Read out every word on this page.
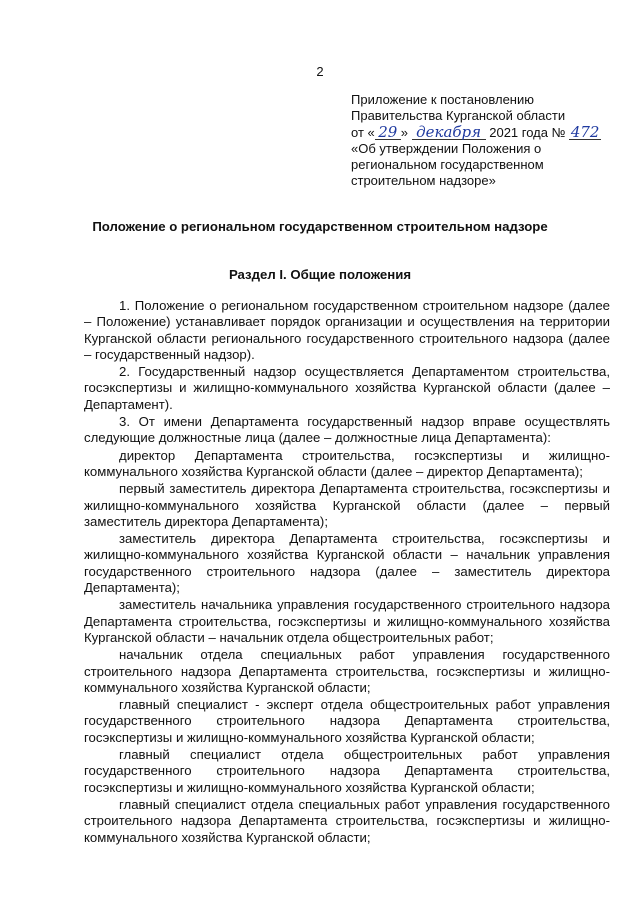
2
Приложение к постановлению
Правительства Курганской области
от « 29 » декабря 2021 года № 472
«Об утверждении Положения о
региональном государственном
строительном надзоре»
Положение о региональном государственном строительном надзоре
Раздел I. Общие положения

1. Положение о региональном государственном строительном надзоре (далее – Положение) устанавливает порядок организации и осуществления на территории Курганской области регионального государственного строительного надзора (далее – государственный надзор).

2. Государственный надзор осуществляется Департаментом строительства, госэкспертизы и жилищно-коммунального хозяйства Курганской области (далее – Департамент).

3. От имени Департамента государственный надзор вправе осуществлять следующие должностные лица (далее – должностные лица Департамента):

директор Департамента строительства, госэкспертизы и жилищно-коммунального хозяйства Курганской области (далее – директор Департамента);

первый заместитель директора Департамента строительства, госэкспертизы и жилищно-коммунального хозяйства Курганской области (далее – первый заместитель директора Департамента);

заместитель директора Департамента строительства, госэкспертизы и жилищно-коммунального хозяйства Курганской области – начальник управления государственного строительного надзора (далее – заместитель директора Департамента);

заместитель начальника управления государственного строительного надзора Департамента строительства, госэкспертизы и жилищно-коммунального хозяйства Курганской области – начальник отдела общестроительных работ;

начальник отдела специальных работ управления государственного строительного надзора Департамента строительства, госэкспертизы и жилищно-коммунального хозяйства Курганской области;

главный специалист - эксперт отдела общестроительных работ управления государственного строительного надзора Департамента строительства, госэкспертизы и жилищно-коммунального хозяйства Курганской области;

главный специалист отдела общестроительных работ управления государственного строительного надзора Департамента строительства, госэкспертизы и жилищно-коммунального хозяйства Курганской области;

главный специалист отдела специальных работ управления государственного строительного надзора Департамента строительства, госэкспертизы и жилищно-коммунального хозяйства Курганской области;
